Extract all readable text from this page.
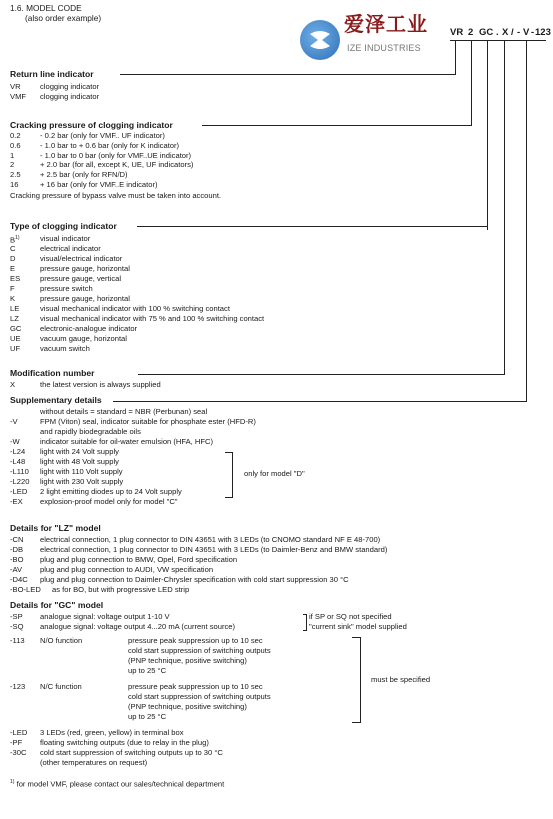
1.6. MODEL CODE
(also order example)	爱泽工业
IZE INDUSTRIES
VR 2 GC . X / - V - 123
Return line indicator
VR	clogging indicator
VMF clogging indicator
Cracking pressure of clogging indicator
0.2	- 0.2 bar (only for VMF.. UF indicator)
0.6	- 1.0 bar to + 0.6 bar (only for K indicator)
1	- 1.0 bar to 0 bar (only for VMF..UE indicator)
2	+ 2.0 bar (for all, except K, UE, UF indicators)
2.5	+ 2.5 bar (only for RFN/D)
16	+ 16 bar (only for VMF..E indicator)
Cracking pressure of bypass valve must be taken into account.
Type of clogging indicator
$B^{1)}$	visual indicator
C	electrical indicator
D	visual/electrical indicator
E	pressure gauge, horizontal
ES	pressure gauge, vertical
F	pressure switch
K	pressure gauge, horizontal
LE	visual mechanical indicator with 100 % switching contact
LZ	visual mechanical indicator with 75 % and 100 % switching contact
GC electronic-analogue indicator
UE	vacuum gauge, horizontal
UF	vacuum switch
Modification number
X	the latest version is always supplied
Supplementary details
without details = standard = NBR (Perbunan) seal
-V	FPM (Viton) seal, indicator suitable for phosphate ester (HFD-R)
and rapidly biodegradable oils
-W	indicator suitable for oil-water emulsion (HFA, HFC)
-L24 light with 24 Volt supply
-L48 light with 48 Volt supply
-L110 light with 110 Volt supply
-L220 light with 230 Volt supply
-LED 2 light emitting diodes up to 24 Volt supply
-EX explosion-proof model only for model "C"
only for model "D"
Details for "LZ" model
-CN electrical connection, 1 plug connector to DIN 43651 with 3 LEDs (to CNOMO standard NF E 48-700)
-DB electrical connection, 1 plug connector to DIN 43651 with 3 LEDs (to Daimler-Benz and BMW standard)
-BO plug and plug connection to BMW, Opel, Ford specification
-AV plug and plug connection to AUDI, VW specification
-D4C plug and plug connection to Daimler-Chrysler specification with cold start suppression 30 °C
-BO-LED as for BO, but with progressive LED strip
Details for "GC" model
-SP analogue signal: voltage output 1-10 V
-SQ analogue signal: voltage output 4...20 mA (current source)
if SP or SQ not specified
"current sink" model supplied
-113 N/O function	pressure peak suppression up to 10 sec
cold start suppression of switching outputs
(PNP technique, positive switching)
up to 25 °C
-123 N/C function	pressure peak suppression up to 10 sec
cold start suppression of switching outputs
(PNP technique, positive switching)
up to 25 °C
must be specified
-LED 3 LEDs (red, green, yellow) in terminal box
-PF floating switching outputs (due to relay in the plug)
-30C cold start suppression of switching outputs up to 30 °C
(other temperatures on request)
$^{1)}$ for model VMF, please contact our sales/technical department
